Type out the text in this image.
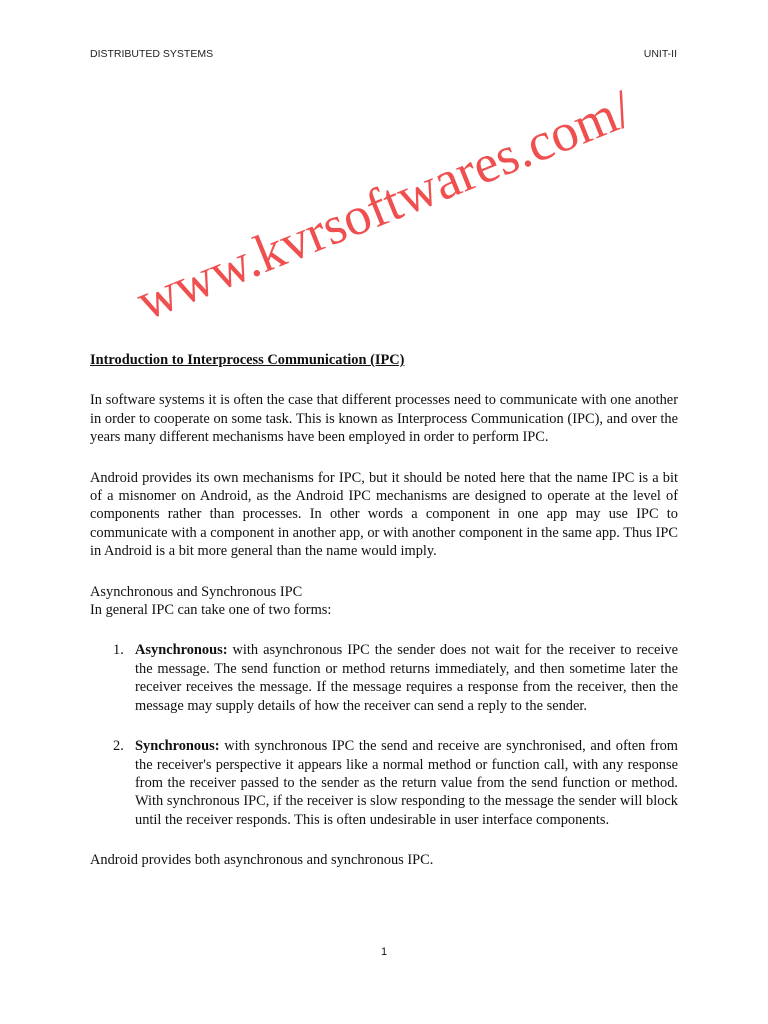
DISTRIBUTED SYSTEMS	UNIT-II
www.kvrsoftwares.com/
Introduction to Interprocess Communication (IPC)
In software systems it is often the case that different processes need to communicate with one another in order to cooperate on some task. This is known as Interprocess Communication (IPC), and over the years many different mechanisms have been employed in order to perform IPC.
Android provides its own mechanisms for IPC, but it should be noted here that the name IPC is a bit of a misnomer on Android, as the Android IPC mechanisms are designed to operate at the level of components rather than processes. In other words a component in one app may use IPC to communicate with a component in another app, or with another component in the same app. Thus IPC in Android is a bit more general than the name would imply.
Asynchronous and Synchronous IPC
In general IPC can take one of two forms:
1. Asynchronous: with asynchronous IPC the sender does not wait for the receiver to receive the message. The send function or method returns immediately, and then sometime later the receiver receives the message. If the message requires a response from the receiver, then the message may supply details of how the receiver can send a reply to the sender.
2. Synchronous: with synchronous IPC the send and receive are synchronised, and often from the receiver's perspective it appears like a normal method or function call, with any response from the receiver passed to the sender as the return value from the send function or method. With synchronous IPC, if the receiver is slow responding to the message the sender will block until the receiver responds. This is often undesirable in user interface components.
Android provides both asynchronous and synchronous IPC.
1
